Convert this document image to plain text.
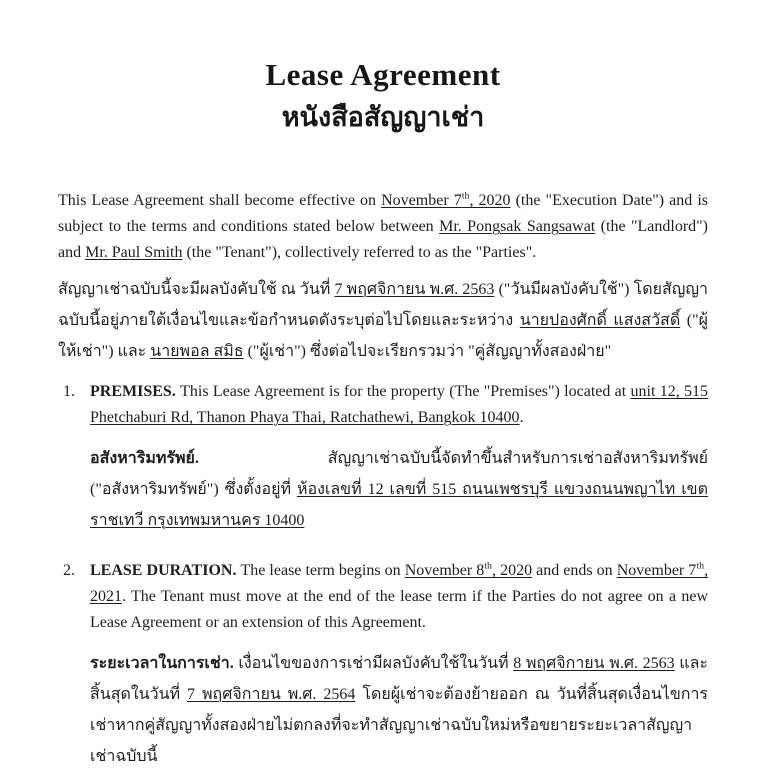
Lease Agreement
หนังสือสัญญาเช่า

This Lease Agreement shall become effective on November 7th, 2020 (the "Execution Date") and is subject to the terms and conditions stated below between Mr. Pongsak Sangsawat (the "Landlord") and Mr. Paul Smith (the "Tenant"), collectively referred to as the "Parties".

สัญญาเช่าฉบับนี้จะมีผลบังคับใช้ ณ วันที่ 7 พฤศจิกายน พ.ศ. 2563 ("วันมีผลบังคับใช้") โดยสัญญาฉบับนี้อยู่ภายใต้เงื่อนไขและข้อกำหนดดังระบุต่อไปโดยและระหว่าง นายปองศักดิ์ แสงสวัสดิ์ ("ผู้ให้เช่า") และ นายพอล สมิธ ("ผู้เช่า") ซึ่งต่อไปจะเรียกรวมว่า "คู่สัญญาทั้งสองฝ่าย"

1. PREMISES. This Lease Agreement is for the property (The "Premises") located at unit 12, 515 Phetchaburi Rd, Thanon Phaya Thai, Ratchathewi, Bangkok 10400.

อสังหาริมทรัพย์. สัญญาเช่าฉบับนี้จัดทำขึ้นสำหรับการเช่าอสังหาริมทรัพย์ ("อสังหาริมทรัพย์") ซึ่งตั้งอยู่ที่ ห้องเลขที่ 12 เลขที่ 515 ถนนเพชรบุรี แขวงถนนพญาไท เขตราชเทวี กรุงเทพมหานคร 10400

2. LEASE DURATION. The lease term begins on November 8th, 2020 and ends on November 7th, 2021. The Tenant must move at the end of the lease term if the Parties do not agree on a new Lease Agreement or an extension of this Agreement.

ระยะเวลาในการเช่า. เงื่อนไขของการเช่ามีผลบังคับใช้ในวันที่ 8 พฤศจิกายน พ.ศ. 2563 และสิ้นสุดในวันที่ 7 พฤศจิกายน พ.ศ. 2564 โดยผู้เช่าจะต้องย้ายออก ณ วันที่สิ้นสุดเงื่อนไขการเช่าหากคู่สัญญาทั้งสองฝ่ายไม่ตกลงที่จะทำสัญญาเช่าฉบับใหม่หรือขยายระยะเวลาสัญญาเช่าฉบับนี้
